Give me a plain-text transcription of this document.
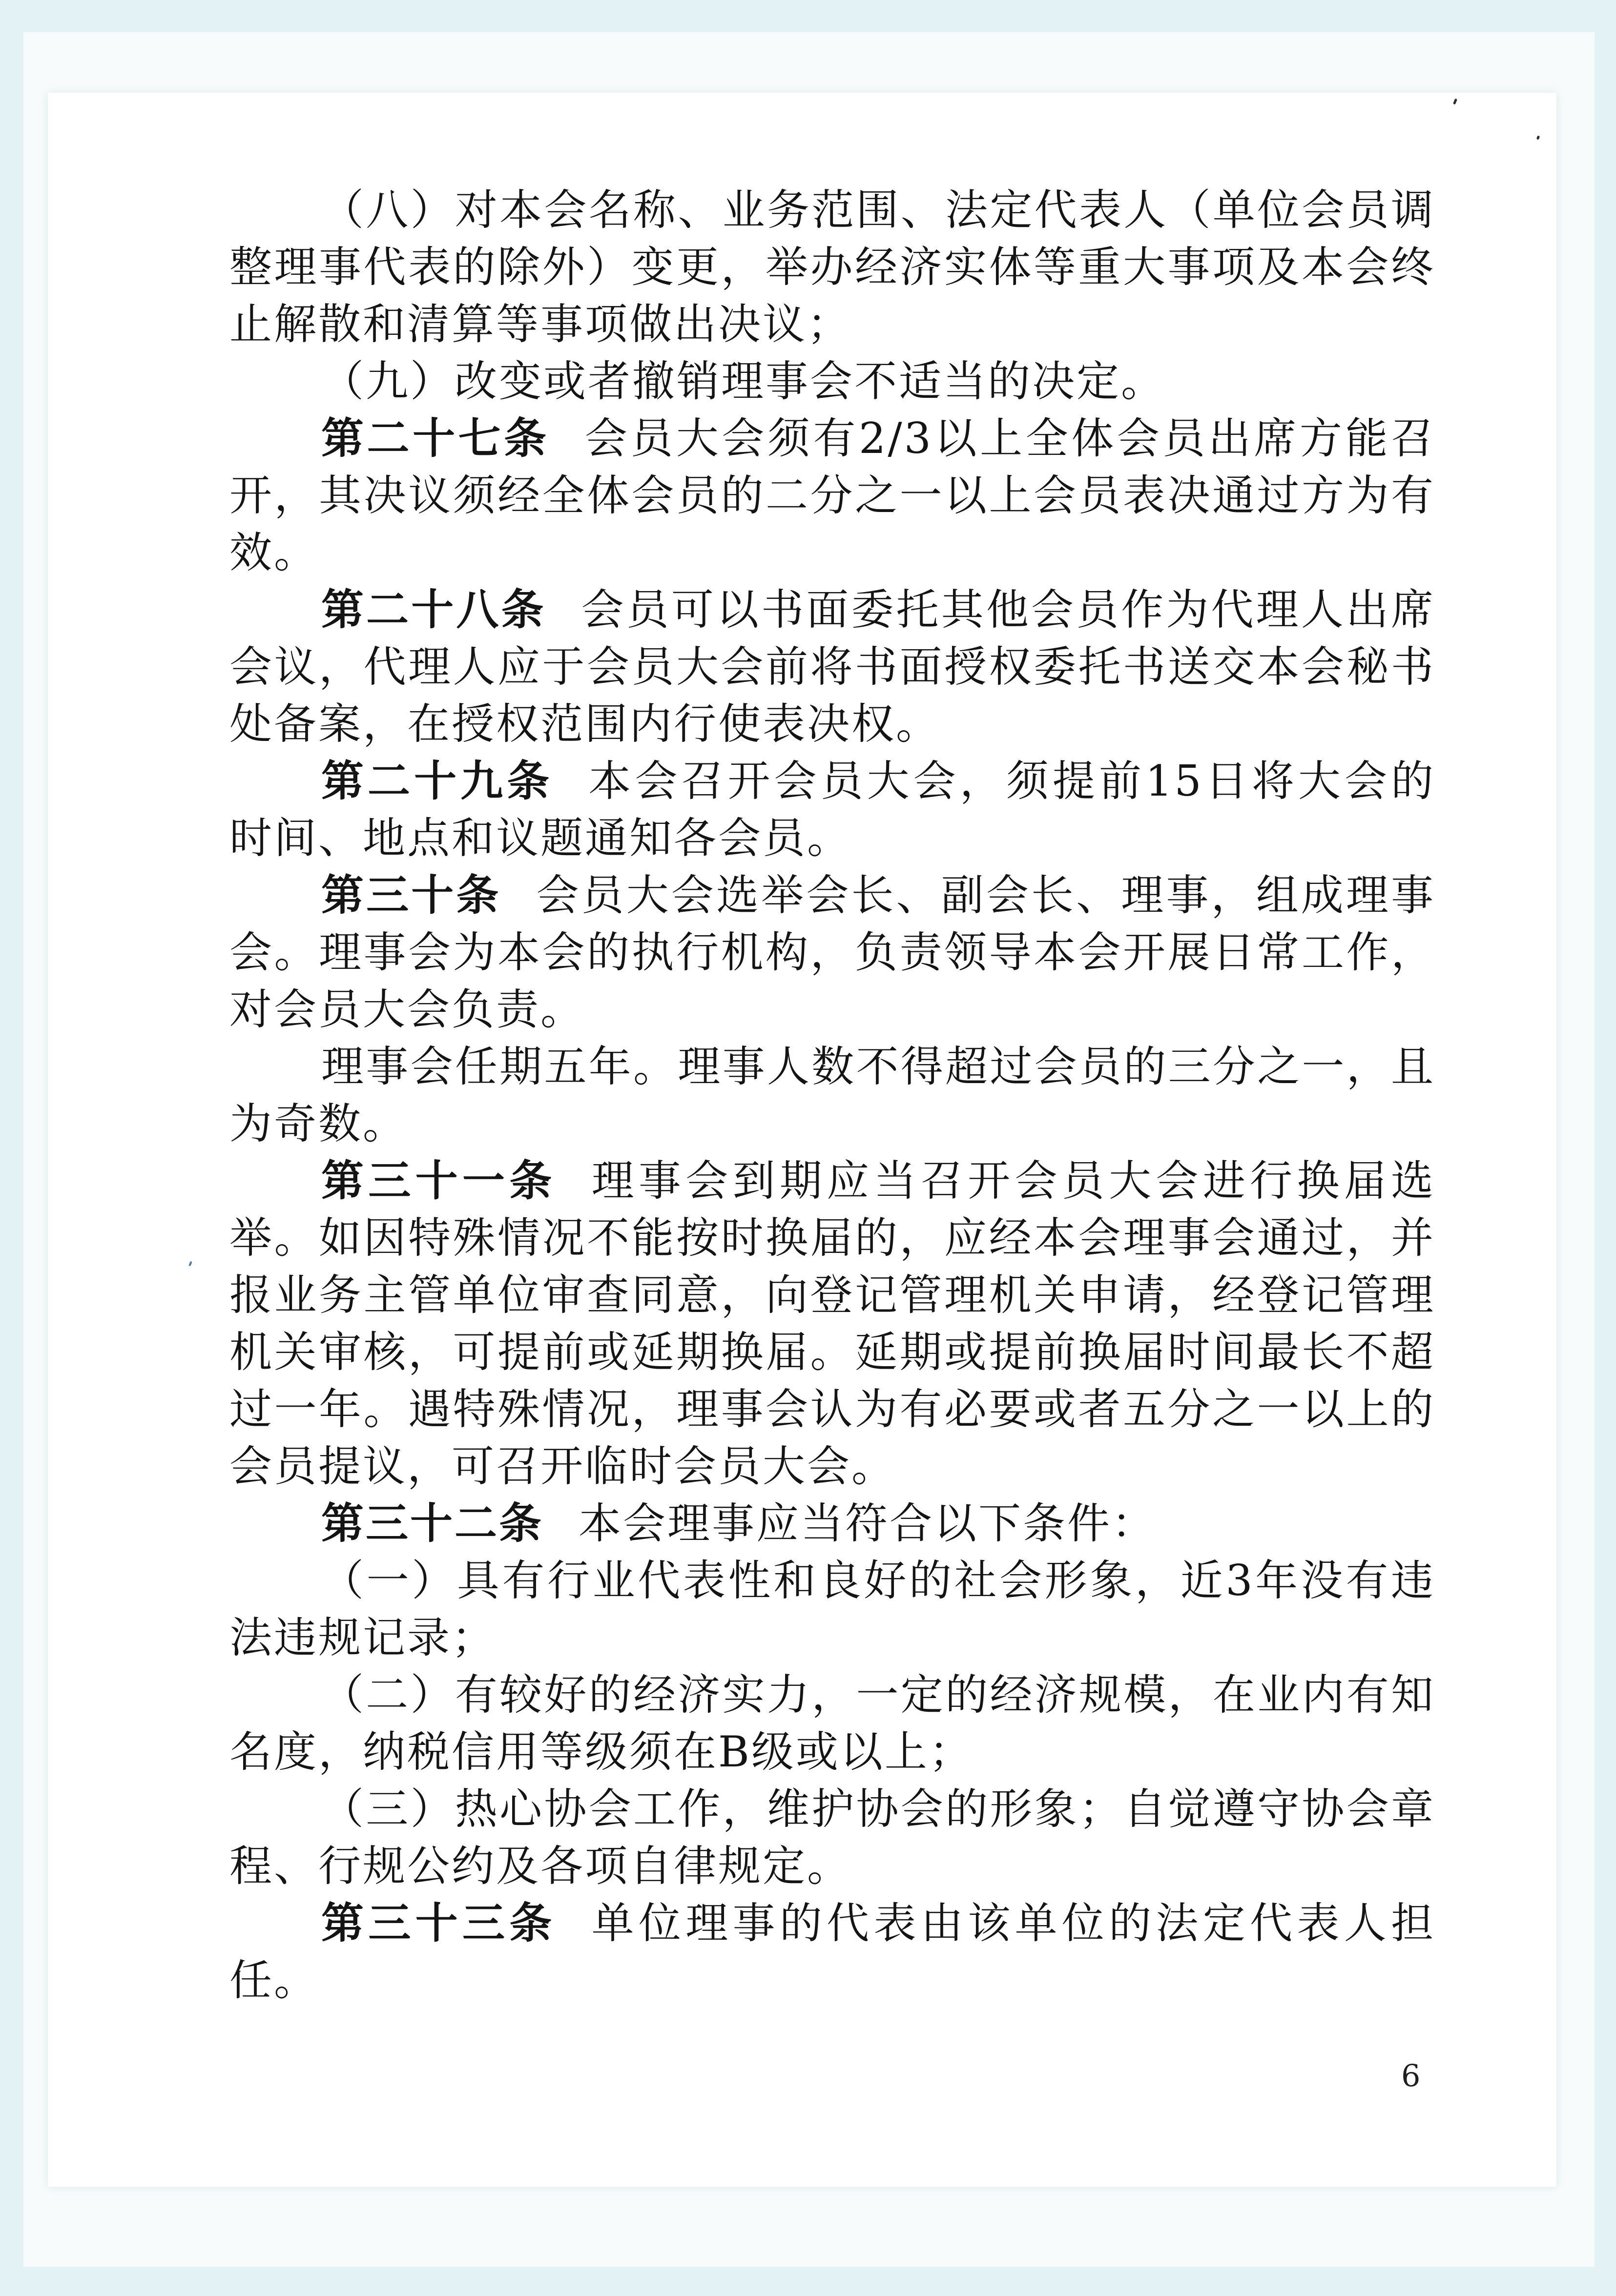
（八）对本会名称、业务范围、法定代表人（单位会员调整理事代表的除外）变更，举办经济实体等重大事项及本会终止解散和清算等事项做出决议；

（九）改变或者撤销理事会不适当的决定。

第二十七条 会员大会须有2/3以上全体会员出席方能召开，其决议须经全体会员的二分之一以上会员表决通过方为有效。

第二十八条 会员可以书面委托其他会员作为代理人出席会议，代理人应于会员大会前将书面授权委托书送交本会秘书处备案，在授权范围内行使表决权。

第二十九条 本会召开会员大会，须提前15日将大会的时间、地点和议题通知各会员。

第三十条 会员大会选举会长、副会长、理事，组成理事会。理事会为本会的执行机构，负责领导本会开展日常工作，对会员大会负责。

理事会任期五年。理事人数不得超过会员的三分之一，且为奇数。

第三十一条 理事会到期应当召开会员大会进行换届选举。如因特殊情况不能按时换届的，应经本会理事会通过，并报业务主管单位审查同意，向登记管理机关申请，经登记管理机关审核，可提前或延期换届。延期或提前换届时间最长不超过一年。遇特殊情况，理事会认为有必要或者五分之一以上的会员提议，可召开临时会员大会。

第三十二条 本会理事应当符合以下条件：

（一）具有行业代表性和良好的社会形象，近3年没有违法违规记录；

（二）有较好的经济实力，一定的经济规模，在业内有知名度，纳税信用等级须在B级或以上；

（三）热心协会工作，维护协会的形象；自觉遵守协会章程、行规公约及各项自律规定。

第三十三条 单位理事的代表由该单位的法定代表人担任。

6
